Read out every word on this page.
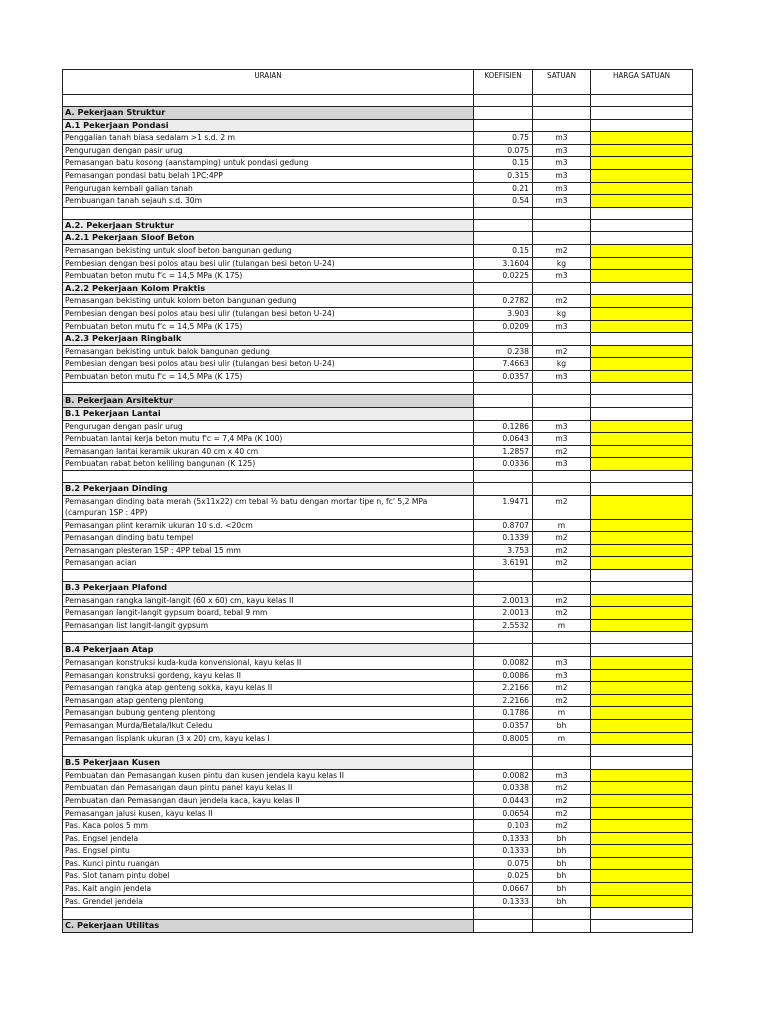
URAIAN	KOEFISIEN	SATUAN	HARGA SATUAN

A. Pekerjaan Struktur			
A.1 Pekerjaan Pondasi			
Penggalian tanah biasa sedalam >1 s.d. 2 m	0.75	m3	
Pengurugan dengan pasir urug	0.075	m3	
Pemasangan batu kosong (aanstamping) untuk pondasi gedung	0.15	m3	
Pemasangan pondasi batu belah 1PC:4PP	0.315	m3	
Pengurugan kembali galian tanah	0.21	m3	
Pembuangan tanah sejauh s.d. 30m	0.54	m3	

A.2. Pekerjaan Struktur			
A.2.1 Pekerjaan Sloof Beton			
Pemasangan bekisting untuk sloof beton bangunan gedung	0.15	m2	
Pembesian dengan besi polos atau besi ulir (tulangan besi beton U-24)	3.1604	kg	
Pembuatan beton mutu f'c = 14,5 MPa (K 175)	0.0225	m3	
A.2.2 Pekerjaan Kolom Praktis			
Pemasangan bekisting untuk kolom beton bangunan gedung	0.2782	m2	
Pembesian dengan besi polos atau besi ulir (tulangan besi beton U-24)	3.903	kg	
Pembuatan beton mutu f'c = 14,5 MPa (K 175)	0.0209	m3	
A.2.3 Pekerjaan Ringbalk			
Pemasangan bekisting untuk balok bangunan gedung	0.238	m2	
Pembesian dengan besi polos atau besi ulir (tulangan besi beton U-24)	7.4663	kg	
Pembuatan beton mutu f'c = 14,5 MPa (K 175)	0.0357	m3	

B. Pekerjaan Arsitektur			
B.1 Pekerjaan Lantai			
Pengurugan dengan pasir urug	0.1286	m3	
Pembuatan lantai kerja beton mutu f'c = 7,4 MPa (K 100)	0.0643	m3	
Pemasangan lantai keramik ukuran 40 cm x 40 cm	1.2857	m2	
Pembuatan rabat beton keliling bangunan (K 125)	0.0336	m3	

B.2 Pekerjaan Dinding			
Pemasangan dinding bata merah (5x11x22) cm tebal ½ batu dengan mortar tipe n, fc' 5,2 MPa (campuran 1SP : 4PP)	1.9471	m2	
Pemasangan plint keramik ukuran 10 s.d. <20cm	0.8707	m	
Pemasangan dinding batu tempel	0.1339	m2	
Pemasangan plesteran 1SP : 4PP tebal 15 mm	3.753	m2	
Pemasangan acian	3.6191	m2	

B.3 Pekerjaan Plafond			
Pemasangan rangka langit-langit (60 x 60) cm, kayu kelas II	2.0013	m2	
Pemasangan langit-langit gypsum board, tebal 9 mm	2.0013	m2	
Pemasangan list langit-langit gypsum	2.5532	m	

B.4 Pekerjaan Atap			
Pemasangan konstruksi kuda-kuda konvensional, kayu kelas II	0.0082	m3	
Pemasangan konstruksi gordeng, kayu kelas II	0.0086	m3	
Pemasangan rangka atap genteng sokka, kayu kelas II	2.2166	m2	
Pemasangan atap genteng plentong	2.2166	m2	
Pemasangan bubung genteng plentong	0.1786	m	
Pemasangan Murda/Betala/Ikut Celedu	0.0357	bh	
Pemasangan lisplank ukuran (3 x 20) cm, kayu kelas I	0.8005	m	

B.5 Pekerjaan Kusen			
Pembuatan dan Pemasangan kusen pintu dan kusen jendela kayu kelas II	0.0082	m3	
Pembuatan dan Pemasangan daun pintu panel kayu kelas II	0.0338	m2	
Pembuatan dan Pemasangan daun jendela kaca, kayu kelas II	0.0443	m2	
Pemasangan jalusi kusen, kayu kelas II	0.0654	m2	
Pas. Kaca polos 5 mm	0.103	m2	
Pas. Engsel jendela	0.1333	bh	
Pas. Engsel pintu	0.1333	bh	
Pas. Kunci pintu ruangan	0.075	bh	
Pas. Slot tanam pintu dobel	0.025	bh	
Pas. Kait angin jendela	0.0667	bh	
Pas. Grendel jendela	0.1333	bh	

C. Pekerjaan Utilitas			
